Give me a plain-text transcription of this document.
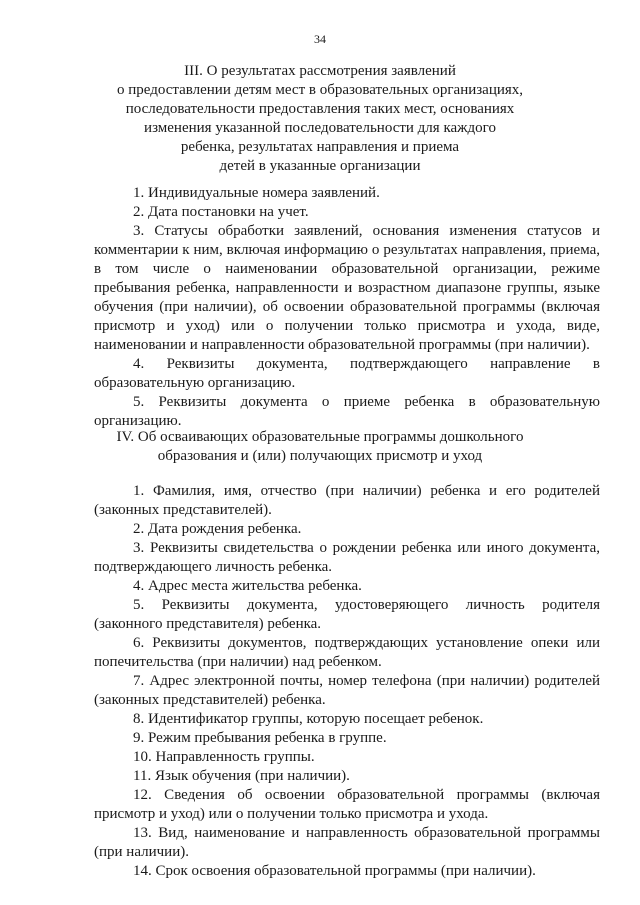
34
III. О результатах рассмотрения заявлений
о предоставлении детям мест в образовательных организациях,
последовательности предоставления таких мест, основаниях
изменения указанной последовательности для каждого
ребенка, результатах направления и приема
детей в указанные организации

1. Индивидуальные номера заявлений.

2. Дата постановки на учет.

3. Статусы обработки заявлений, основания изменения статусов и комментарии к ним, включая информацию о результатах направления, приема, в том числе о наименовании образовательной организации, режиме пребывания ребенка, направленности и возрастном диапазоне группы, языке обучения (при наличии), об освоении образовательной программы (включая присмотр и уход) или о получении только присмотра и ухода, виде, наименовании и направленности образовательной программы (при наличии).

4. Реквизиты документа, подтверждающего направление в образовательную организацию.

5. Реквизиты документа о приеме ребенка в образовательную организацию.

IV. Об осваивающих образовательные программы дошкольного
образования и (или) получающих присмотр и уход

1. Фамилия, имя, отчество (при наличии) ребенка и его родителей (законных представителей).

2. Дата рождения ребенка.

3. Реквизиты свидетельства о рождении ребенка или иного документа, подтверждающего личность ребенка.

4. Адрес места жительства ребенка.

5. Реквизиты документа, удостоверяющего личность родителя (законного представителя) ребенка.

6. Реквизиты документов, подтверждающих установление опеки или попечительства (при наличии) над ребенком.

7. Адрес электронной почты, номер телефона (при наличии) родителей (законных представителей) ребенка.

8. Идентификатор группы, которую посещает ребенок.

9. Режим пребывания ребенка в группе.

10. Направленность группы.

11. Язык обучения (при наличии).

12. Сведения об освоении образовательной программы (включая присмотр и уход) или о получении только присмотра и ухода.

13. Вид, наименование и направленность образовательной программы (при наличии).

14. Срок освоения образовательной программы (при наличии).
